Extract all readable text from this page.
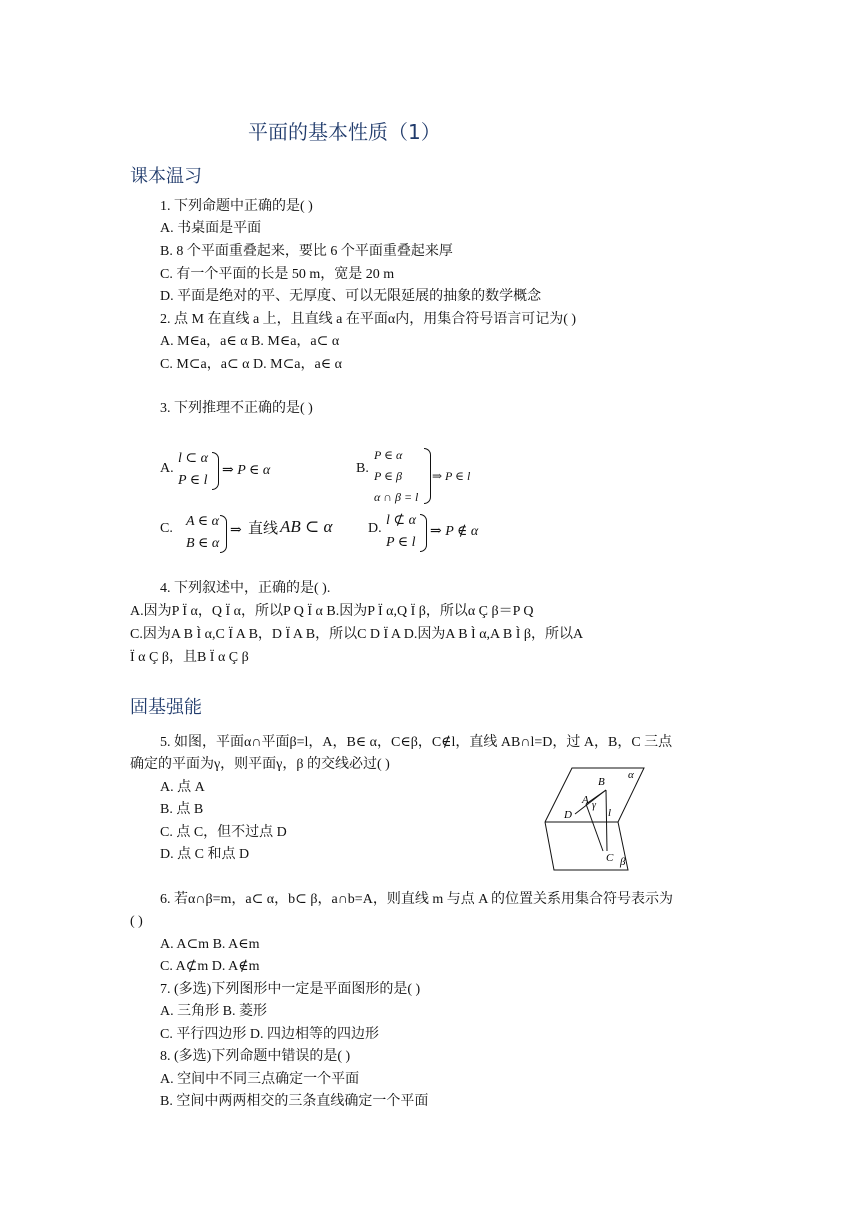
平面的基本性质（1）
课本温习
1. 下列命题中正确的是( )
A. 书桌面是平面
B. 8 个平面重叠起来，要比 6 个平面重叠起来厚
C. 有一个平面的长是 50 m，宽是 20 m
D. 平面是绝对的平、无厚度、可以无限延展的抽象的数学概念
2. 点 M 在直线 a 上，且直线 a 在平面α内，用集合符号语言可记为( )
A. M∈a，a∈ α B. M∈a，a⊂ α
C. M⊂a，a⊂ α D. M⊂a，a∈ α
3. 下列推理不正确的是( )
A.
l ⊂ α
P ∈ l
⇒ P ∈ α	B.
P ∈ α
P ∈ β
α ∩ β = l
⇒ P ∈ l
C. A ∈ α
B ∈ α
⇒ 直线 AB ⊂ α	D.
l ⊄ α
P ∈ l
⇒ P ∉ α
4. 下列叙述中，正确的是( ).
A.因为P Ï α，Q Ï α，所以P Q Ï α B.因为P Ï α,Q Ï β，所以α Ç β＝P Q
C.因为A B Ì α,C Ï A B，D Ï A B，所以C D Ï A D.因为A B Ì α,A B Ì β，所以A
Ï α Ç β，且B Ï α Ç β
固基强能
5. 如图，平面α∩平面β=l，A，B∈ α，C∈β，C∉l，直线 AB∩l=D，过 A，B，C 三点
确定的平面为γ，则平面γ，β 的交线必过( )
A. 点 A
B. 点 B
C. 点 C，但不过点 D
D. 点 C 和点 D
α
B
A γ
l
D
C β
6. 若α∩β=m，a⊂ α，b⊂ β，a∩b=A，则直线 m 与点 A 的位置关系用集合符号表示为
( )
A. A⊂m B. A∈m
C. A⊄m D. A∉m
7. (多选)下列图形中一定是平面图形的是( )
A. 三角形 B. 菱形
C. 平行四边形 D. 四边相等的四边形
8. (多选)下列命题中错误的是( )
A. 空间中不同三点确定一个平面
B. 空间中两两相交的三条直线确定一个平面
